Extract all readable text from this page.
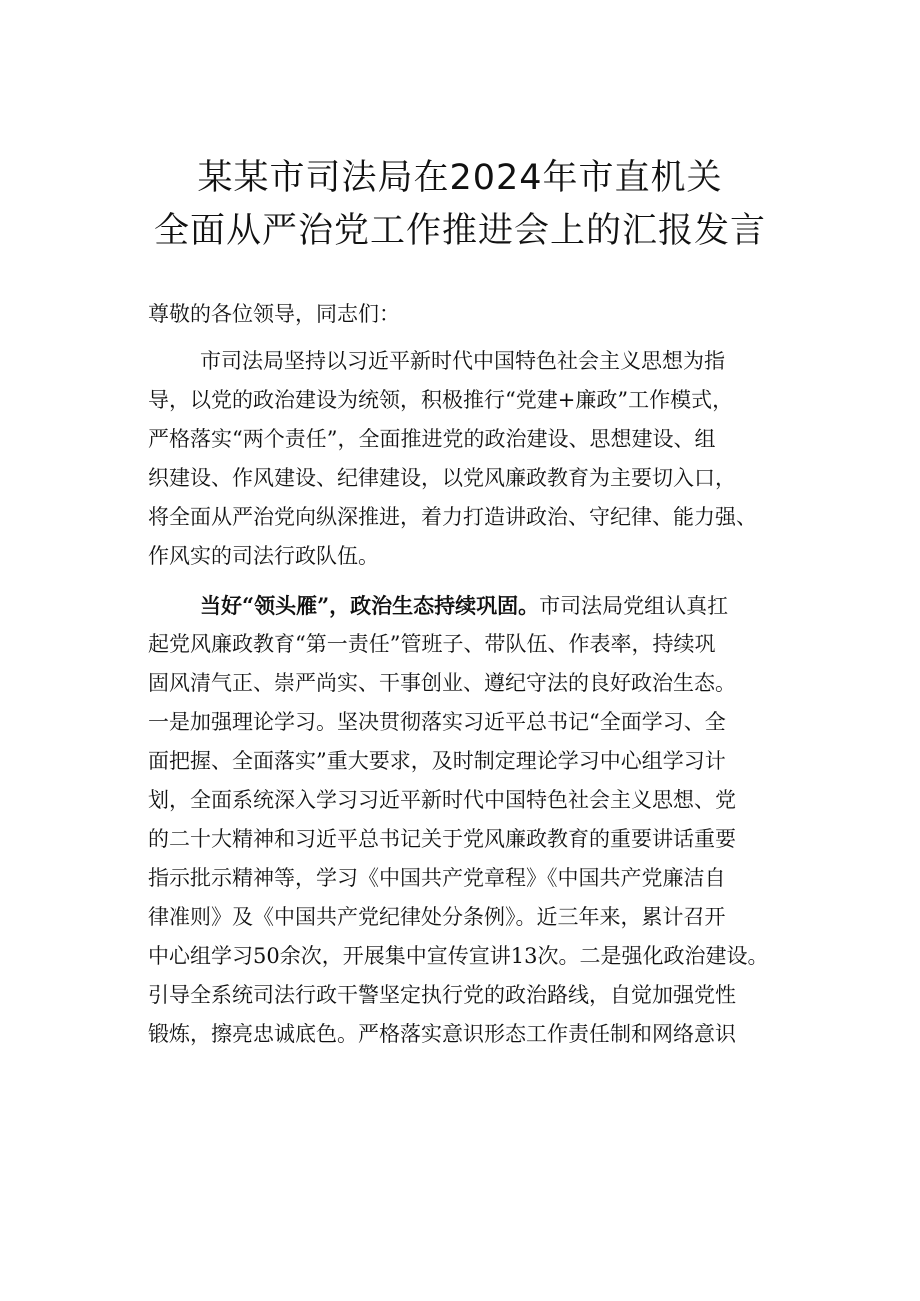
某某市司法局在2024年市直机关
全面从严治党工作推进会上的汇报发言
尊敬的各位领导，同志们：
市司法局坚持以习近平新时代中国特色社会主义思想为指
导，以党的政治建设为统领，积极推行“党建+廉政”工作模式，
严格落实“两个责任”，全面推进党的政治建设、思想建设、组
织建设、作风建设、纪律建设，以党风廉政教育为主要切入口，
将全面从严治党向纵深推进，着力打造讲政治、守纪律、能力强、
作风实的司法行政队伍。
当好“领头雁”，政治生态持续巩固。市司法局党组认真扛
起党风廉政教育“第一责任”管班子、带队伍、作表率，持续巩
固风清气正、崇严尚实、干事创业、遵纪守法的良好政治生态。
一是加强理论学习。坚决贯彻落实习近平总书记“全面学习、全
面把握、全面落实”重大要求，及时制定理论学习中心组学习计
划，全面系统深入学习习近平新时代中国特色社会主义思想、党
的二十大精神和习近平总书记关于党风廉政教育的重要讲话重要
指示批示精神等，学习《中国共产党章程》《中国共产党廉洁自
律准则》及《中国共产党纪律处分条例》。近三年来，累计召开
中心组学习50余次，开展集中宣传宣讲13次。二是强化政治建设。
引导全系统司法行政干警坚定执行党的政治路线，自觉加强党性
锻炼，擦亮忠诚底色。严格落实意识形态工作责任制和网络意识
